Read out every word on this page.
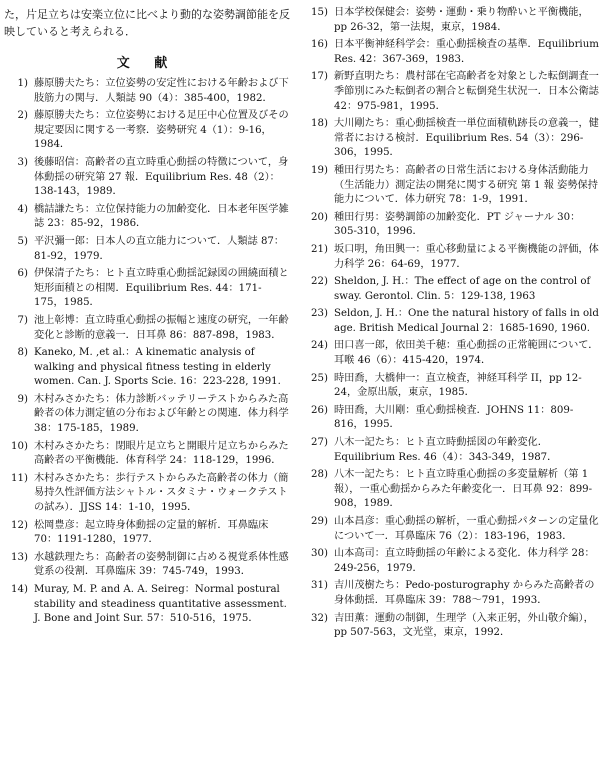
た，片足立ちは安楽立位に比べより動的な姿勢調節能を反映していると考えられる．

文 献
1) 藤原勝夫たち：立位姿勢の安定性における年齢および下肢筋力の関与．人類誌 90（4）：385-400，1982．
2) 藤原勝夫たち：立位姿勢における足圧中心位置及びその規定要因に関する一考察．姿勢研究 4（1）：9-16，1984．
3) 後藤昭信：高齢者の直立時重心動揺の特徴について，身体動揺の研究第 27 報．Equilibrium Res. 48（2）：138-143，1989．
4) 橋詰謙たち：立位保持能力の加齢変化．日本老年医学雑誌 23：85-92，1986．
5) 平沢彌一郎：日本人の直立能力について．人類誌 87：81-92，1979．
6) 伊保清子たち：ヒト直立時重心動揺記録図の囲繞面積と矩形面積との相関．Equilibrium Res. 44：171-175，1985．
7) 池上彰博：直立時重心動揺の振幅と速度の研究，一年齢変化と診断的意義一．日耳鼻 86：887-898，1983．
8) Kaneko, M. ,et al.：A kinematic analysis of walking and physical fitness testing in elderly women. Can. J. Sports Scie. 16：223-228, 1991.
9) 木村みさかたち：体力診断バッテリーテストからみた高齢者の体力測定値の分布および年齢との関連．体力科学 38：175-185，1989．
10) 木村みさかたち：閉眼片足立ちと開眼片足立ちからみた高齢者の平衡機能．体育科学 24：118-129，1996．
11) 木村みさかたち：歩行テストからみた高齢者の体力（簡易持久性評価方法シャトル・スタミナ・ウォークテストの試み）．JJSS 14：1-10，1995．
12) 松岡豊彦：起立時身体動揺の定量的解析．耳鼻臨床 70：1191-1280，1977．
13) 水越鉄理たち：高齢者の姿勢制御に占める視覚系体性感覚系の役割．耳鼻臨床 39：745-749，1993．
14) Muray, M. P. and A. A. Seireg：Normal postural stability and steadiness quantitative assessment. J. Bone and Joint Sur. 57：510-516，1975．
15) 日本学校保健会：姿勢・運動・乗り物酔いと平衡機能，pp 26-32，第一法規，東京，1984．
16) 日本平衡神経科学会：重心動揺検査の基準．Equilibrium Res. 42：367-369，1983．
17) 新野直明たち：農村部在宅高齢者を対象とした転倒調査一季節別にみた転倒者の割合と転倒発生状況一．日本公衛誌 42：975-981，1995．
18) 大川剛たち：重心動揺検査一単位面積軌跡長の意義一，健常者における検討．Equilibrium Res. 54（3）：296-306，1995．
19) 種田行男たち：高齢者の日常生活における身体活動能力（生活能力）測定法の開発に関する研究 第 1 報 姿勢保持能力について．体力研究 78：1-9，1991．
20) 種田行男：姿勢調節の加齢変化．PT ジャーナル 30：305-310，1996．
21) 坂口明，角田興一：重心移動量による平衡機能の評価，体力科学 26：64-69，1977．
22) Sheldon, J. H.：The effect of age on the control of sway. Gerontol. Clin. 5：129-138, 1963
23) Seldon, J. H.：One the natural history of falls in old age. British Medical Journal 2：1685-1690, 1960.
24) 田口喜一郎，依田美千穂：重心動揺の正常範囲について．耳喉 46（6）：415-420，1974．
25) 時田喬，大橋伸一：直立検査，神経耳科学 II，pp 12-24，金原出版，東京，1985．
26) 時田喬，大川剛：重心動揺検査．JOHNS 11：809-816，1995．
27) 八木一記たち：ヒト直立時動揺図の年齢変化．Equilibrium Res. 46（4）：343-349，1987．
28) 八木一記たち：ヒト直立時重心動揺の多変量解析（第 1 報），一重心動揺からみた年齢変化一．日耳鼻 92：899-908，1989．
29) 山本昌彦：重心動揺の解析，一重心動揺パターンの定量化について一．耳鼻臨床 76（2）：183-196，1983．
30) 山本高司：直立時動揺の年齢による変化．体力科学 28：249-256，1979．
31) 吉川茂樹たち：Pedo-posturography からみた高齢者の身体動揺．耳鼻臨床 39：788〜791，1993．
32) 吉田薫：運動の制御，生理学（入来正躬，外山敬介編），pp 507-563，文光堂，東京，1992．
